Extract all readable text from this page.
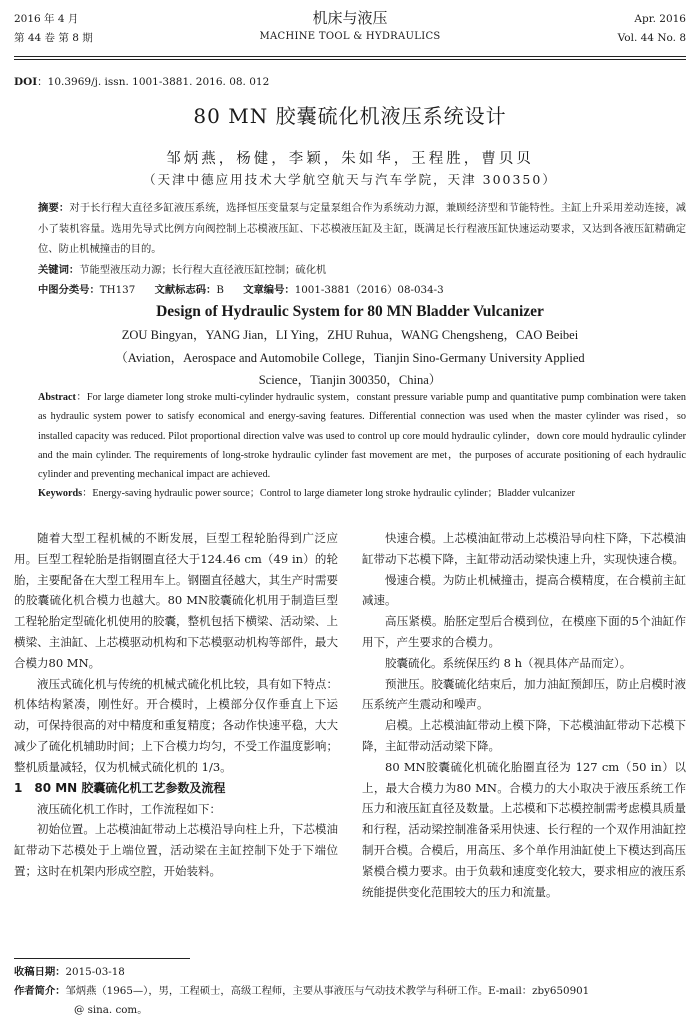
2016 年 4 月
第 44 卷 第 8 期
机床与液压
MACHINE TOOL & HYDRAULICS
Apr. 2016
Vol. 44 No. 8
DOI：10.3969/j. issn. 1001-3881. 2016. 08. 012
80 MN 胶囊硫化机液压系统设计
邹炳燕，杨健，李颖，朱如华，王程胜，曹贝贝
（天津中德应用技术大学航空航天与汽车学院，天津 300350）
摘要：对于长行程大直径多缸液压系统，选择恒压变量泵与定量泵组合作为系统动力源，兼顾经济型和节能特性。主缸上升采用差动连接，减小了装机容量。选用先导式比例方向阀控制上芯模液压缸、下芯模液压缸及主缸，既满足长行程液压缸快速运动要求，又达到各液压缸精确定位、防止机械撞击的目的。
关键词：节能型液压动力源；长行程大直径液压缸控制；硫化机
中图分类号：TH137 文献标志码：B 文章编号：1001-3881（2016）08-034-3
Design of Hydraulic System for 80 MN Bladder Vulcanizer
ZOU Bingyan，YANG Jian，LI Ying，ZHU Ruhua，WANG Chengsheng，CAO Beibei
（Aviation，Aerospace and Automobile College，Tianjin Sino-Germany University Applied
Science，Tianjin 300350，China）
Abstract：For large diameter long stroke multi-cylinder hydraulic system，constant pressure variable pump and quantitative pump combination were taken as hydraulic system power to satisfy economical and energy-saving features. Differential connection was used when the master cylinder was rised，so installed capacity was reduced. Pilot proportional direction valve was used to control up core mould hydraulic cylinder，down core mould hydraulic cylinder and the main cylinder. The requirements of long-stroke hydraulic cylinder fast movement are met，the purposes of accurate positioning of each hydraulic cylinder and preventing mechanical impact are achieved.
Keywords：Energy-saving hydraulic power source；Control to large diameter long stroke hydraulic cylinder；Bladder vulcanizer

随着大型工程机械的不断发展，巨型工程轮胎得到广泛应用。巨型工程轮胎是指钢圈直径大于124.46 cm（49 in）的轮胎，主要配备在大型工程用车上。钢圈直径越大，其生产时需要的胶囊硫化机合模力也越大。80 MN胶囊硫化机用于制造巨型工程轮胎定型硫化机使用的胶囊，整机包括下横梁、活动梁、上横梁、主油缸、上芯模驱动机构和下芯模驱动机构等部件，最大合模力80 MN。

液压式硫化机与传统的机械式硫化机比较，具有如下特点：机体结构紧凑，刚性好。开合模时，上模部分仅作垂直上下运动，可保持很高的对中精度和重复精度；各动作快速平稳，大大减少了硫化机辅助时间；上下合模力均匀，不受工作温度影响；整机质量减轻，仅为机械式硫化机的 1/3。

1　80 MN 胶囊硫化机工艺参数及流程

液压硫化机工作时，工作流程如下：

初始位置。上芯模油缸带动上芯模沿导向柱上升，下芯模油缸带动下芯模处于上端位置，活动梁在主缸控制下处于下端位置；这时在机架内形成空腔，开始装料。

快速合模。上芯模油缸带动上芯模沿导向柱下降，下芯模油缸带动下芯模下降，主缸带动活动梁快速上升，实现快速合模。

慢速合模。为防止机械撞击，提高合模精度，在合模前主缸减速。

高压紧模。胎胚定型后合模到位，在模座下面的5个油缸作用下，产生要求的合模力。

胶囊硫化。系统保压约 8 h（视具体产品而定）。

预泄压。胶囊硫化结束后，加力油缸预卸压，防止启模时液压系统产生震动和噪声。

启模。上芯模油缸带动上模下降，下芯模油缸带动下芯模下降，主缸带动活动梁下降。

80 MN胶囊硫化机硫化胎圈直径为 127 cm（50 in）以上，最大合模力为80 MN。合模力的大小取决于液压系统工作压力和液压缸直径及数量。上芯模和下芯模控制需考虑模具质量和行程，活动梁控制准备采用快速、长行程的一个双作用油缸控制开合模。合模后，用高压、多个单作用油缸使上下模达到高压紧模合模力要求。由于负载和速度变化较大，要求相应的液压系统能提供变化范围较大的压力和流量。

收稿日期：2015-03-18
作者简介：邹炳燕（1965—），男，工程硕士，高级工程师，主要从事液压与气动技术教学与科研工作。E-mail：zby650901
@ sina. com。
